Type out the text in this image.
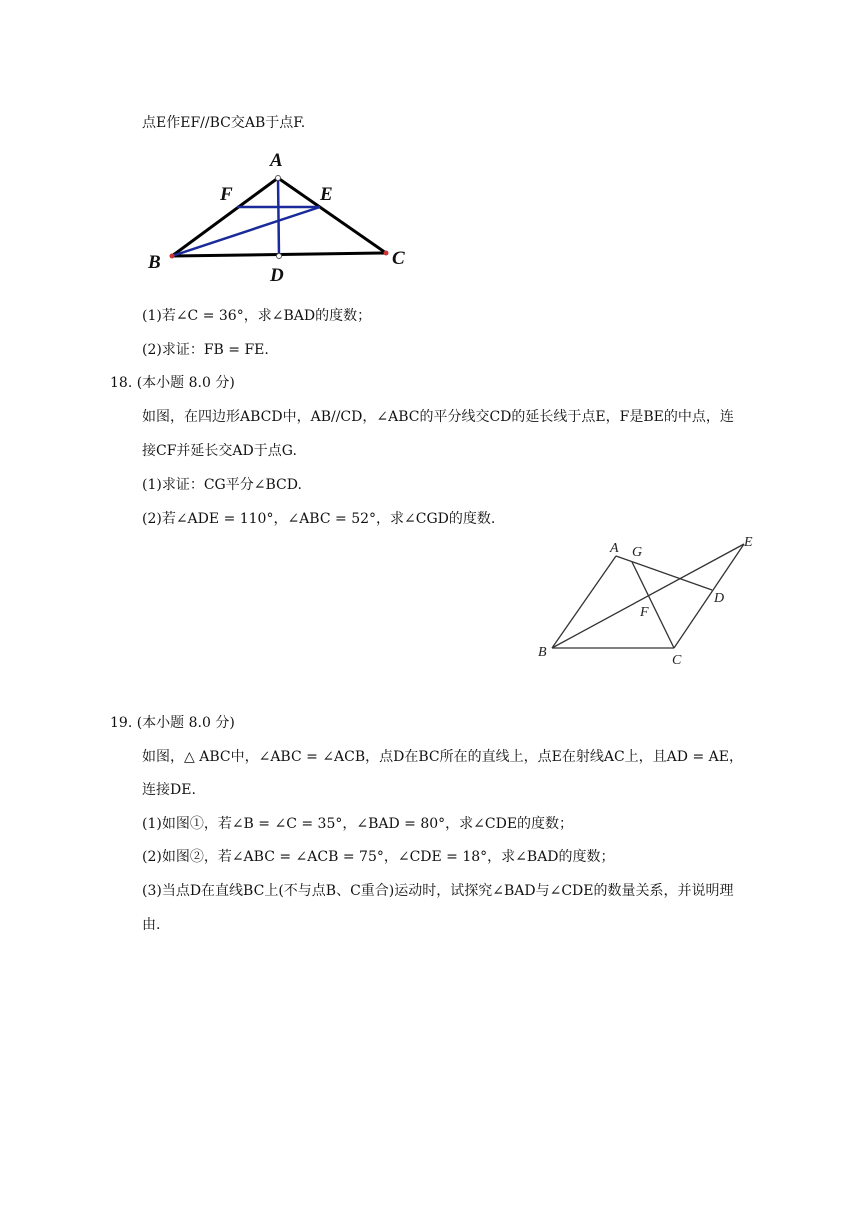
点E作EF//BC交AB于点F.
A
F	E
B
D
C
(1)若∠C = 36°，求∠BAD的度数；
(2)求证：FB = FE.
18. (本小题 8.0 分)
如图，在四边形ABCD中，AB//CD，∠ABC的平分线交CD的延长线于点E，F是BE的中点，连
接CF并延长交AD于点G.
(1)求证：CG平分∠BCD.
(2)若∠ADE = 110°，∠ABC = 52°，求∠CGD的度数.
A G
E
D
F
B
C
19. (本小题 8.0 分)
如图，△ ABC中，∠ABC = ∠ACB，点D在BC所在的直线上，点E在射线AC上，且AD = AE，
连接DE.
(1)如图①，若∠B = ∠C = 35°，∠BAD = 80°，求∠CDE的度数；
(2)如图②，若∠ABC = ∠ACB = 75°，∠CDE = 18°，求∠BAD的度数；
(3)当点D在直线BC上(不与点B、C重合)运动时，试探究∠BAD与∠CDE的数量关系，并说明理
由.
